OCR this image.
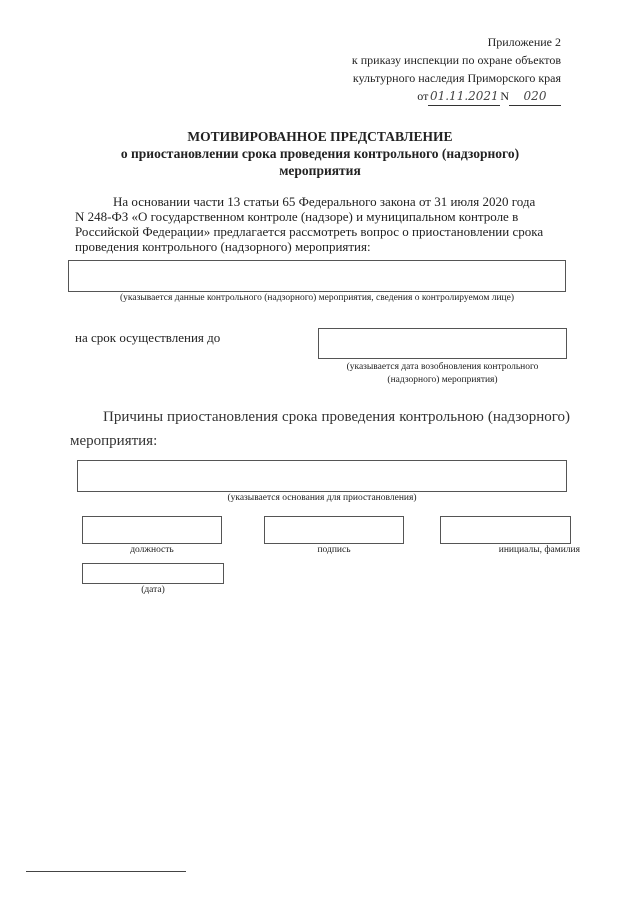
Приложение 2
к приказу инспекции по охране объектов
культурного наследия Приморского края
от 01.11.2021 N 020
МОТИВИРОВАННОЕ ПРЕДСТАВЛЕНИЕ
о приостановлении срока проведения контрольного (надзорного)
мероприятия
На основании части 13 статьи 65 Федерального закона от 31 июля 2020 года
N 248-ФЗ «О государственном контроле (надзоре) и муниципальном контроле в
Российской Федерации» предлагается рассмотреть вопрос о приостановлении срока
проведения контрольного (надзорного) мероприятия:
(указывается данные контрольного (надзорного) мероприятия, сведения о контролируемом лице)
на срок осуществления до
(указывается дата возобновления контрольного
(надзорного) мероприятия)
Причины приостановления срока проведения контрольною (надзорного)
мероприятия:
(указывается основания для приостановления)
должность	подпись	инициалы, фамилия
(дата)
